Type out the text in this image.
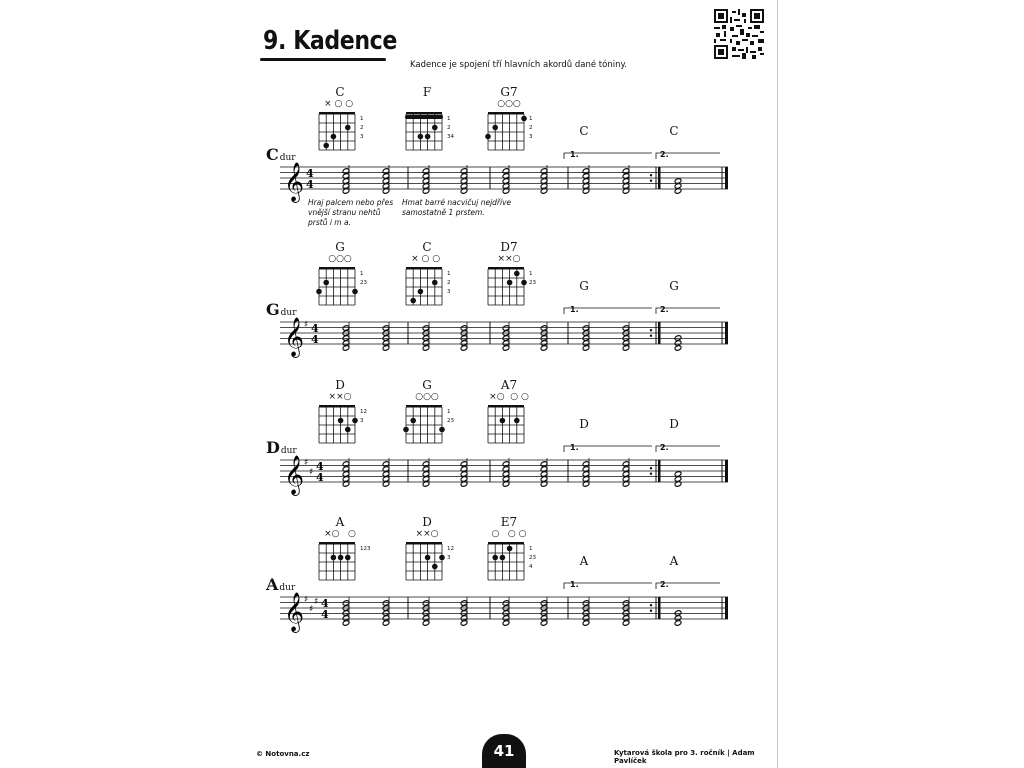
9. Kadence
Kadence je spojení tří hlavních akordů dané tóniny.
C
× ○ ○
1
2
3
F
1
2
34
G7
○○○
1
2
3	C	C
1.	2.
Cdur
𝄞 4
4
Hraj palcem nebo přes vnější stranu nehtů prstů i m a.
Hmat barré nacvičuj nejdříve samostatně 1 prstem.
G
○○○
1
23
C
× ○ ○
1
2
3
D7
××○
1
23	G	G
1.	2.
Gdur
𝄞 ♯ 4
4
D
××○
12
3
G
○○○
1
23
A7
×○  ○ ○
D	D
1.	2.
Ddur
𝄞 ♯
♯ 4
4
A
×○   ○
123
D
××○
12
3
E7
○   ○ ○
1
23
4	A	A
1.	2.
Adur
𝄞 ♯
♯
♯ 4
4
© Notovna.cz	41	Kytarová škola pro 3. ročník | Adam Pavlíček
